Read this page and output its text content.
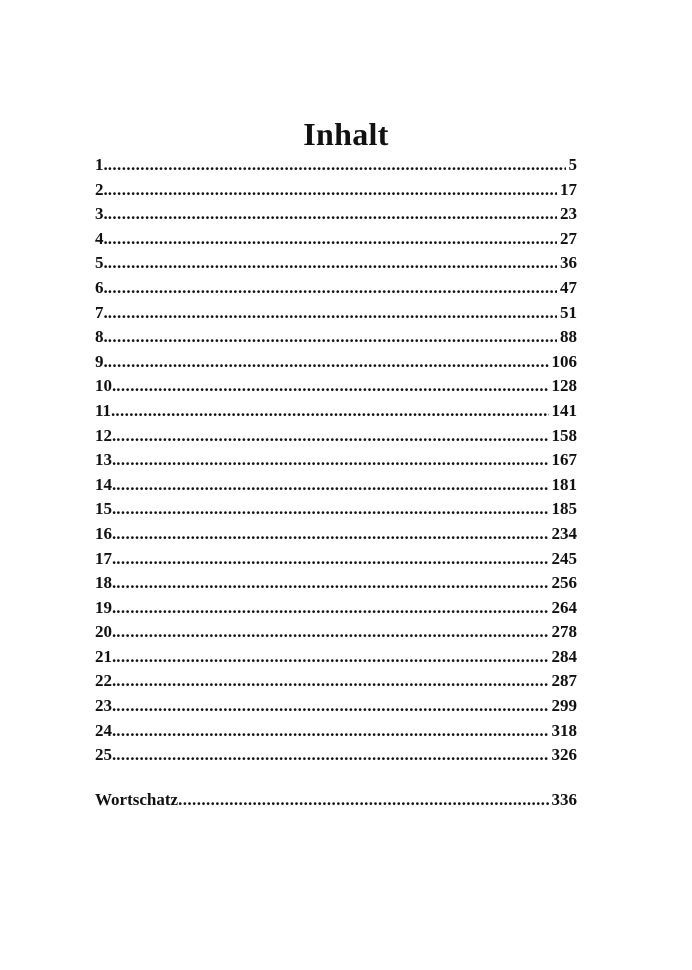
Inhalt
1. .....	5
2. .....	17
3. .....	23
4. .....	27
5. .....	36
6. .....	47
7. .....	51
8. .....	88
9. .....	106
10. .....	128
11. .....	141
12. .....	158
13. .....	167
14. .....	181
15. .....	185
16. .....	234
17. .....	245
18. .....	256
19. .....	264
20. .....	278
21. .....	284
22. .....	287
23. .....	299
24. .....	318
25. .....	326
Wortschatz .....	336
